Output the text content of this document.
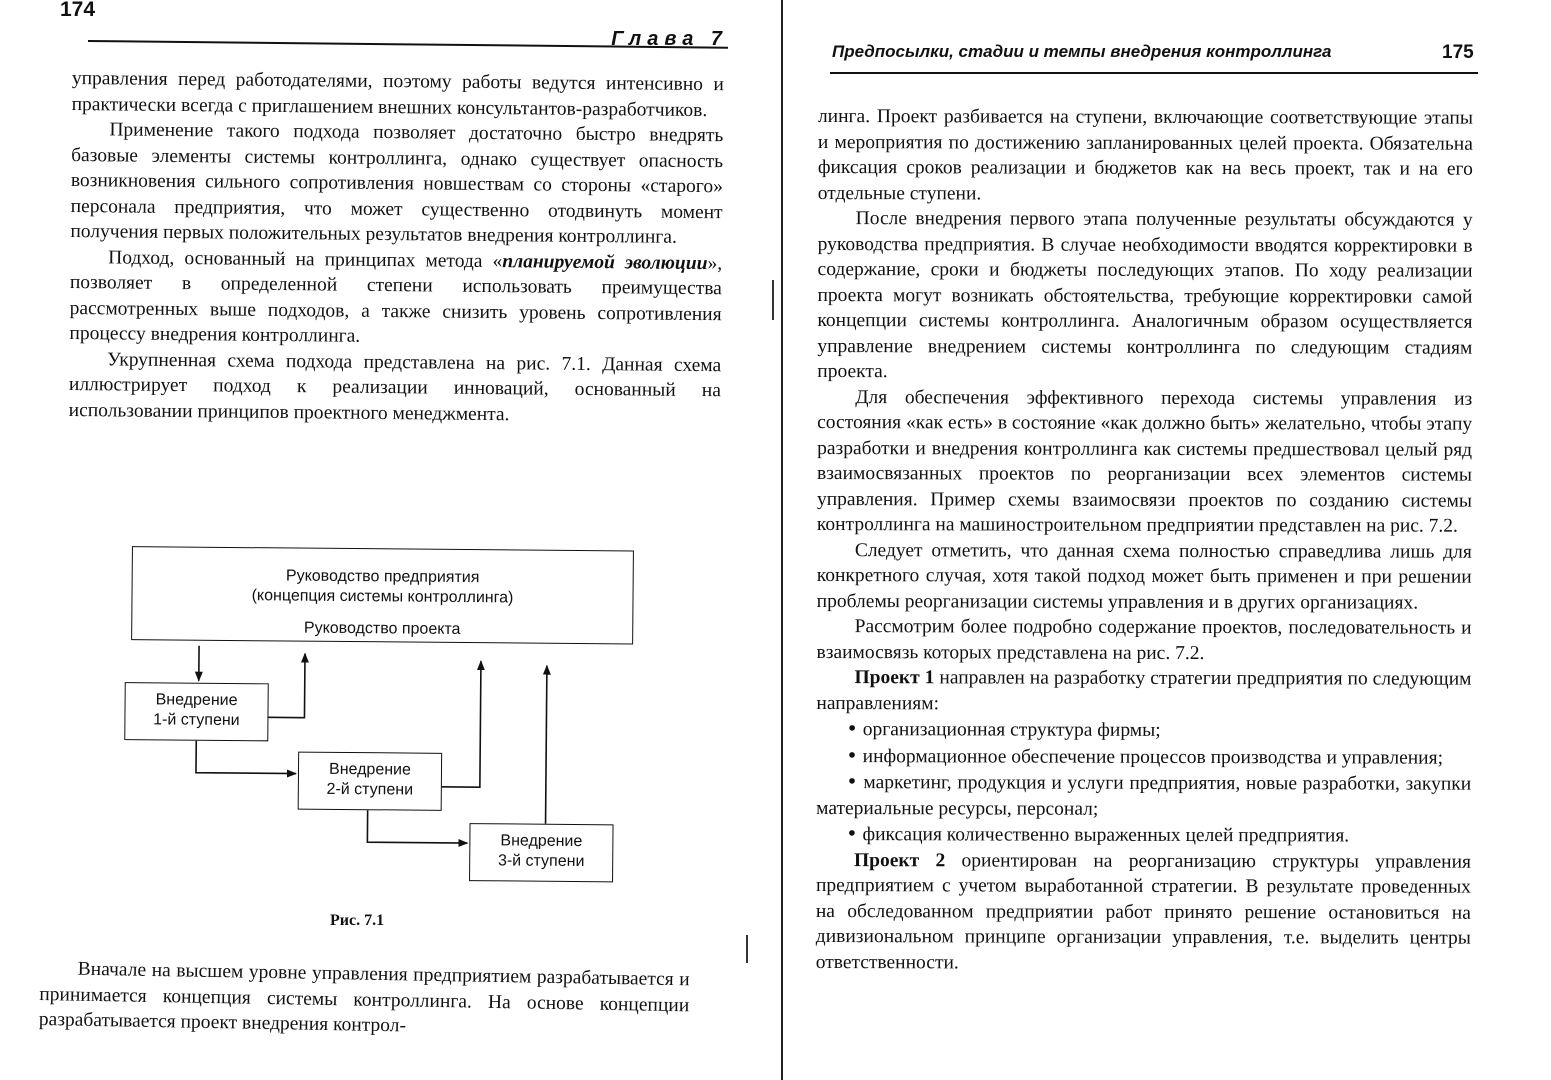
174
Глава 7

управления перед работодателями, поэтому работы ведутся интенсивно и практически всегда с приглашением внешних консультантов-разработчиков.

Применение такого подхода позволяет достаточно быстро внедрять базовые элементы системы контроллинга, однако существует опасность возникновения сильного сопротивления новшествам со стороны «старого» персонала предприятия, что может существенно отодвинуть момент получения первых положительных результатов внедрения контроллинга.

Подход, основанный на принципах метода «планируемой эволюции», позволяет в определенной степени использовать преимущества рассмотренных выше подходов, а также снизить уровень сопротивления процессу внедрения контроллинга.

Укрупненная схема подхода представлена на рис. 7.1. Данная схема иллюстрирует подход к реализации инноваций, основанный на использовании принципов проектного менеджмента.

Руководство предприятия
(концепция системы контроллинга)
Руководство проекта
Внедрение
1-й ступени
Внедрение
2-й ступени
Внедрение
3-й ступени
Рис. 7.1

Вначале на высшем уровне управления предприятием разрабатывается и принимается концепция системы контроллинга. На основе концепции разрабатывается проект внедрения контрол-

Предпосылки, стадии и темпы внедрения контроллинга	175

линга. Проект разбивается на ступени, включающие соответствующие этапы и мероприятия по достижению запланированных целей проекта. Обязательна фиксация сроков реализации и бюджетов как на весь проект, так и на его отдельные ступени.

После внедрения первого этапа полученные результаты обсуждаются у руководства предприятия. В случае необходимости вводятся корректировки в содержание, сроки и бюджеты последующих этапов. По ходу реализации проекта могут возникать обстоятельства, требующие корректировки самой концепции системы контроллинга. Аналогичным образом осуществляется управление внедрением системы контроллинга по следующим стадиям проекта.

Для обеспечения эффективного перехода системы управления из состояния «как есть» в состояние «как должно быть» желательно, чтобы этапу разработки и внедрения контроллинга как системы предшествовал целый ряд взаимосвязанных проектов по реорганизации всех элементов системы управления. Пример схемы взаимосвязи проектов по созданию системы контроллинга на машиностроительном предприятии представлен на рис. 7.2.

Следует отметить, что данная схема полностью справедлива лишь для конкретного случая, хотя такой подход может быть применен и при решении проблемы реорганизации системы управления и в других организациях.

Рассмотрим более подробно содержание проектов, последовательность и взаимосвязь которых представлена на рис. 7.2.

Проект 1 направлен на разработку стратегии предприятия по следующим направлениям:

• организационная структура фирмы;

• информационное обеспечение процессов производства и управления;

• маркетинг, продукция и услуги предприятия, новые разработки, закупки материальные ресурсы, персонал;

• фиксация количественно выраженных целей предприятия.

Проект 2 ориентирован на реорганизацию структуры управления предприятием с учетом выработанной стратегии. В результате проведенных на обследованном предприятии работ принято решение остановиться на дивизиональном принципе организации управления, т.е. выделить центры ответственности.
